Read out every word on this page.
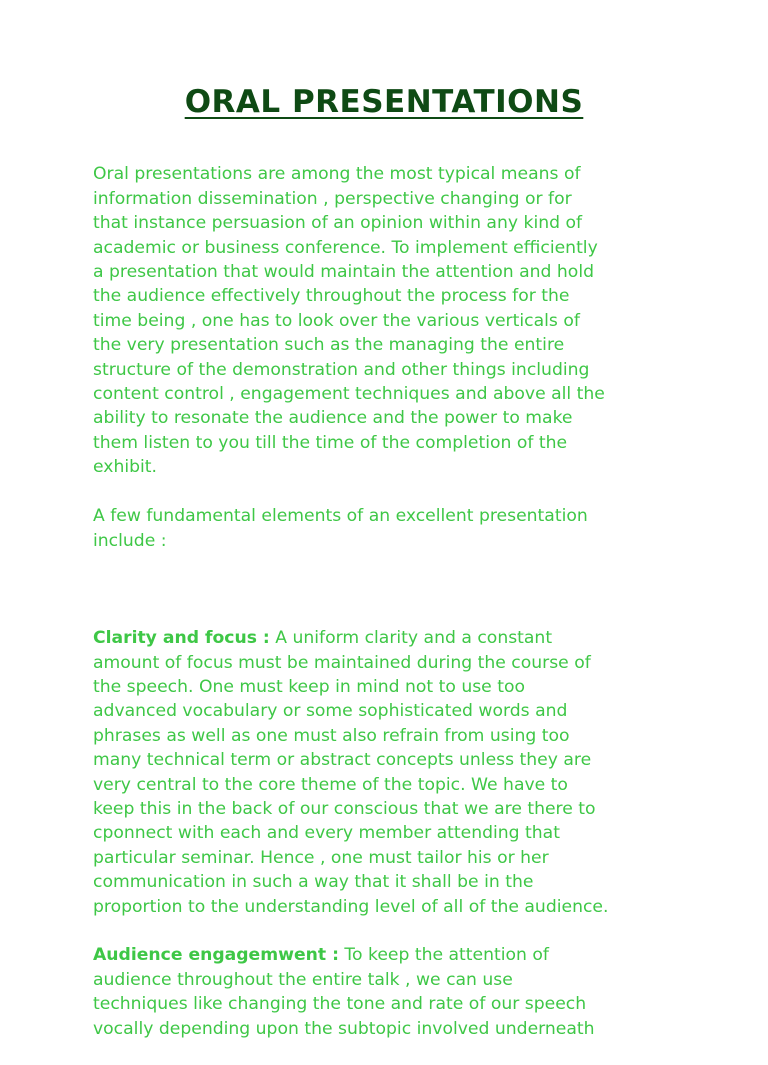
ORAL PRESENTATIONS

Oral presentations are among the most typical means of
information dissemination , perspective changing or for
that instance persuasion of an opinion within any kind of
academic or business conference. To implement efficiently
a presentation that would maintain the attention and hold
the audience effectively throughout the process for the
time being , one has to look over the various verticals of
the very presentation such as the managing the entire
structure of the demonstration and other things including
content control , engagement techniques and above all the
ability to resonate the audience and the power to make
them listen to you till the time of the completion of the
exhibit.

A few fundamental elements of an excellent presentation
include :

Clarity and focus : A uniform clarity and a constant
amount of focus must be maintained during the course of
the speech. One must keep in mind not to use too
advanced vocabulary or some sophisticated words and
phrases as well as one must also refrain from using too
many technical term or abstract concepts unless they are
very central to the core theme of the topic. We have to
keep this in the back of our conscious that we are there to
cponnect with each and every member attending that
particular seminar. Hence , one must tailor his or her
communication in such a way that it shall be in the
proportion to the understanding level of all of the audience.

Audience engagemwent : To keep the attention of
audience throughout the entire talk , we can use
techniques like changing the tone and rate of our speech
vocally depending upon the subtopic involved underneath
